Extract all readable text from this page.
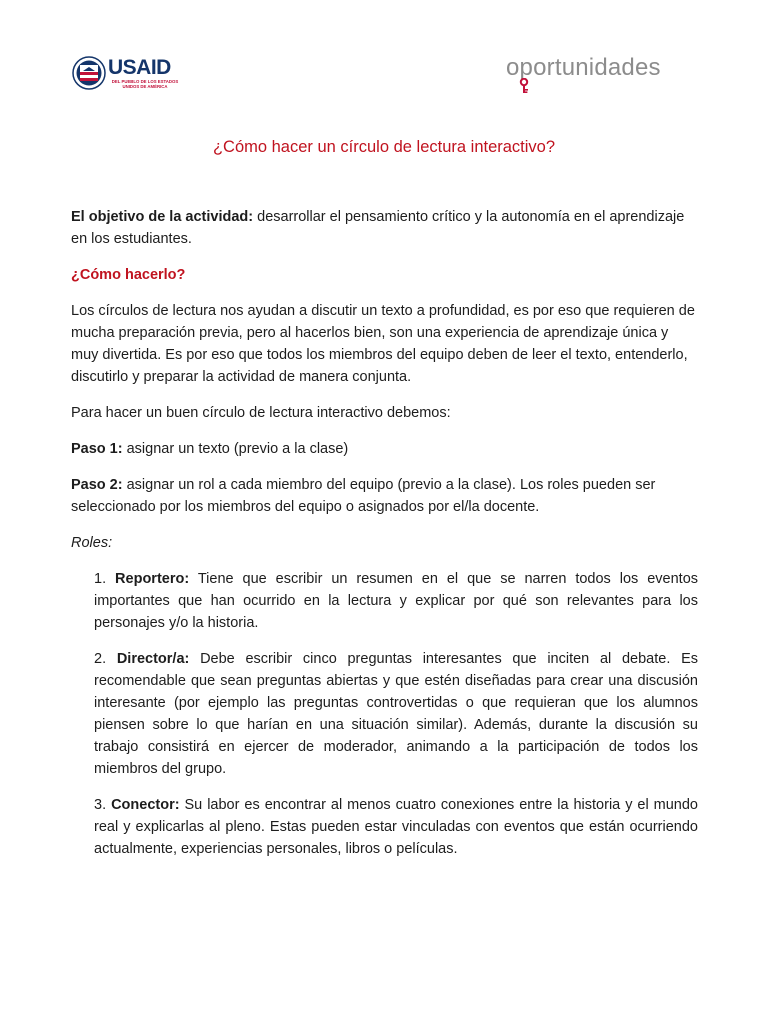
USAID
DEL PUEBLO DE LOS ESTADOS UNIDOS DE AMÉRICA
oportunidades
¿Cómo hacer un círculo de lectura interactivo?

El objetivo de la actividad: desarrollar el pensamiento crítico y la autonomía en el aprendizaje en los estudiantes.

¿Cómo hacerlo?

Los círculos de lectura nos ayudan a discutir un texto a profundidad, es por eso que requieren de mucha preparación previa, pero al hacerlos bien, son una experiencia de aprendizaje única y muy divertida. Es por eso que todos los miembros del equipo deben de leer el texto, entenderlo, discutirlo y preparar la actividad de manera conjunta.

Para hacer un buen círculo de lectura interactivo debemos:

Paso 1: asignar un texto (previo a la clase)

Paso 2: asignar un rol a cada miembro del equipo (previo a la clase). Los roles pueden ser seleccionado por los miembros del equipo o asignados por el/la docente.

Roles:

1. Reportero: Tiene que escribir un resumen en el que se narren todos los eventos importantes que han ocurrido en la lectura y explicar por qué son relevantes para los personajes y/o la historia.

2. Director/a: Debe escribir cinco preguntas interesantes que inciten al debate. Es recomendable que sean preguntas abiertas y que estén diseñadas para crear una discusión interesante (por ejemplo las preguntas controvertidas o que requieran que los alumnos piensen sobre lo que harían en una situación similar). Además, durante la discusión su trabajo consistirá en ejercer de moderador, animando a la participación de todos los miembros del grupo.

3. Conector: Su labor es encontrar al menos cuatro conexiones entre la historia y el mundo real y explicarlas al pleno. Estas pueden estar vinculadas con eventos que están ocurriendo actualmente, experiencias personales, libros o películas.
